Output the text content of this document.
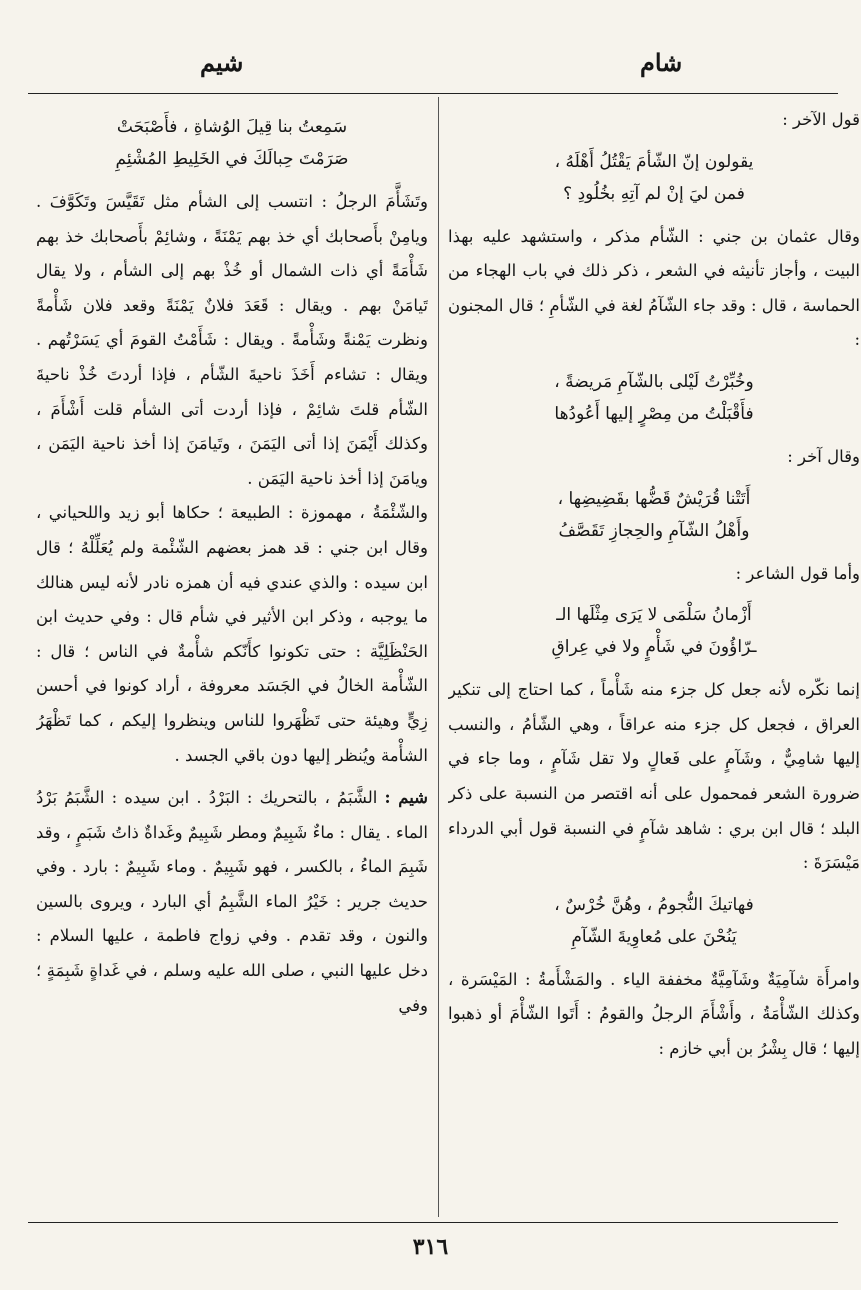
شام
شيم

قول الآخر :

يقولون إنّ الشّأمَ يَقْتُلُ أَهْلَهُ ،
فمن ليَ إنْ لم آتِهِ بخُلُودِ ؟

وقال عثمان بن جني : الشّأم مذكر ، واستشهد عليه بهذا البيت ، وأجاز تأنيثه في الشعر ، ذكر ذلك في باب الهجاء من الحماسة ، قال : وقد جاء الشّآمُ لغة في الشّأمِ ؛ قال المجنون :

وخُبِّرْتُ لَيْلى بالشّآمِ مَريضةً ،
فأَقْبَلْتُ من مِصْرٍ إليها أَعُودُها

وقال آخر :

أَتَتْنا قُرَيْشٌ قَضُّها بقَضِيضِها ،
وأَهْلُ الشّآمِ والحِجازِ تَقَصَّفُ

وأما قول الشاعر :

أَزْمانُ سَلْمَى لا يَرَى مِثْلَها الـ
ـرّاؤُونَ في شَأْمٍ ولا في عِراقِ

إنما نكّره لأنه جعل كل جزء منه شَأْماً ، كما احتاج إلى تنكير العراق ، فجعل كل جزء منه عراقاً ، وهي الشّأمُ ، والنسب إليها شامِيٌّ ، وشَآمٍ على فَعالٍ ولا تقل شَآمٍ ، وما جاء في ضرورة الشعر فمحمول على أنه اقتصر من النسبة على ذكر البلد ؛ قال ابن بري : شاهد شآمٍ في النسبة قول أبي الدرداء مَيْسَرَةَ :

فهاتيكَ النُّجومُ ، وهُنَّ خُرْسٌ ،
يَنُحْنَ على مُعاوِيةَ الشّآمِ

وامرأَة شآمِيَةٌ وشَآمِيَّةٌ مخففة الياء . والمَشْأَمةُ : المَيْسَرة ، وكذلك الشّأْمَةُ ، وأَشْأَمَ الرجلُ والقومُ : أَتَوا الشّأْمَ أو ذهبوا إليها ؛ قال بِشْرُ بن أبي خازم :

سَمِعتُ بنا قِيلَ الوُشاةِ ، فأَصْبَحَتْ
صَرَمْتَ حِبالَكَ في الخَلِيطِ المُشْئِمِ

وتَشَأَّمَ الرجلُ : انتسب إلى الشأم مثل تَقَيَّسَ وتَكَوَّفَ . ويامِنْ بأَصحابك أي خذ بهم يَمْنَةً ، وشائِمْ بأَصحابك خذ بهم شَأْمَةً أي ذات الشمال أو خُذْ بهم إلى الشأم ، ولا يقال تَيامَنْ بهم . ويقال : قَعَدَ فلانٌ يَمْنَةً وقعد فلان شَأْمةً ونظرت يَمْنةً وشَأْمةً . ويقال : شَأَمْتُ القومَ أي يَسَرْتُهم . ويقال : تشاءم أَخَذَ ناحيةَ الشّأم ، فإذا أردتَ خُذْ ناحيةَ الشّأم قلتَ شائِمْ ، فإذا أردت أتى الشأم قلت أَشْأَمَ ، وكذلك أَيْمَنَ إذا أتى اليَمَنَ ، وتَيامَنَ إذا أخذ ناحية اليَمَن ، ويامَنَ إذا أخذ ناحية اليَمَن .

والشّئْمَةُ ، مهموزة : الطبيعة ؛ حكاها أبو زيد واللحياني ، وقال ابن جني : قد همز بعضهم الشّئْمة ولم يُعَلِّلْهُ ؛ قال ابن سيده : والذي عندي فيه أن همزه نادر لأنه ليس هنالك ما يوجبه ، وذكر ابن الأثير في شأم قال : وفي حديث ابن الحَنْظَلِيَّة : حتى تكونوا كأَنّكم شأْمةٌ في الناس ؛ قال : الشّأْمة الخالُ في الجَسَد معروفة ، أراد كونوا في أحسن زِيٍّ وهيئة حتى تَظْهَروا للناس وينظروا إليكم ، كما تَظْهَرُ الشأْمة ويُنظر إليها دون باقي الجسد .

شيم : الشَّبَمُ ، بالتحريك : البَرْدُ . ابن سيده : الشَّبَمُ بَرْدُ الماء . يقال : ماءٌ شَبِيمٌ ومطر شَبِيمٌ وغَداةٌ ذاتُ شَبَمٍ ، وقد شَبِمَ الماءُ ، بالكسر ، فهو شَبِيمٌ . وماء شَبِيمٌ : بارد . وفي حديث جرير : خَيْرُ الماء الشَّبِمُ أي البارد ، ويروى بالسين والنون ، وقد تقدم . وفي زواج فاطمة ، عليها السلام : دخل عليها النبي ، صلى الله عليه وسلم ، في غَداةٍ شَبِمَةٍ ؛ وفي

٣١٦
